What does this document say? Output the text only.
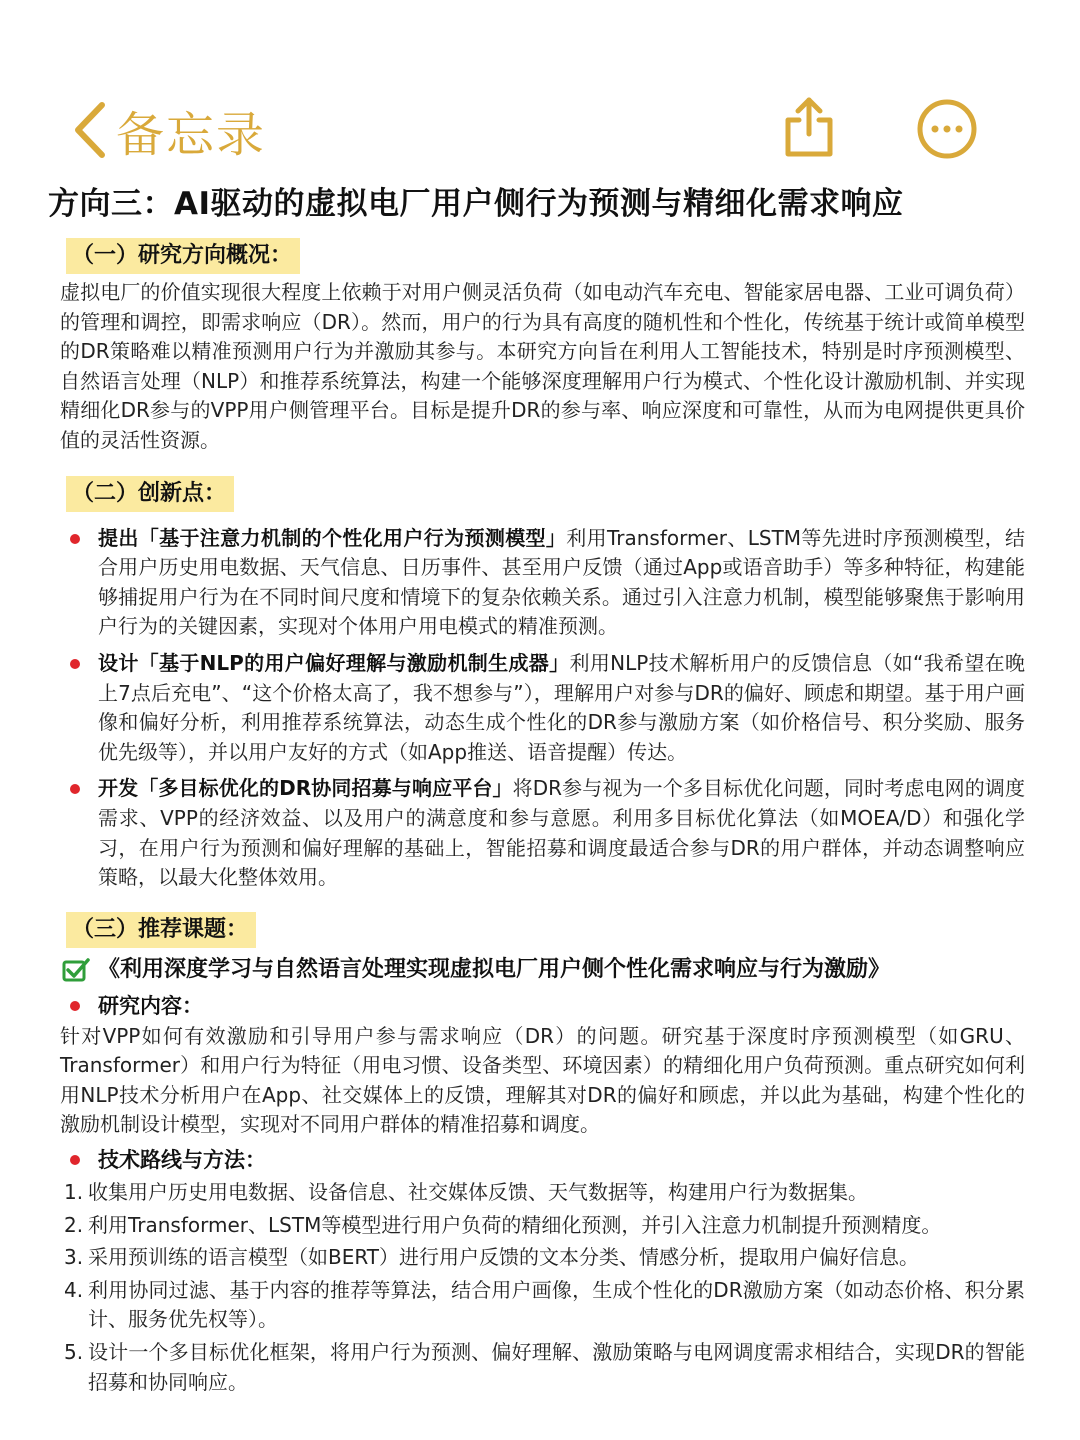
备忘录
方向三：AI驱动的虚拟电厂用户侧行为预测与精细化需求响应
（一）研究方向概况：

虚拟电厂的价值实现很大程度上依赖于对用户侧灵活负荷（如电动汽车充电、智能家居电器、工业可调负荷）的管理和调控，即需求响应（DR）。然而，用户的行为具有高度的随机性和个性化，传统基于统计或简单模型的DR策略难以精准预测用户行为并激励其参与。本研究方向旨在利用人工智能技术，特别是时序预测模型、自然语言处理（NLP）和推荐系统算法，构建一个能够深度理解用户行为模式、个性化设计激励机制、并实现精细化DR参与的VPP用户侧管理平台。目标是提升DR的参与率、响应深度和可靠性，从而为电网提供更具价值的灵活性资源。

（二）创新点：
提出「基于注意力机制的个性化用户行为预测模型」利用Transformer、LSTM等先进时序预测模型，结合用户历史用电数据、天气信息、日历事件、甚至用户反馈（通过App或语音助手）等多种特征，构建能够捕捉用户行为在不同时间尺度和情境下的复杂依赖关系。通过引入注意力机制，模型能够聚焦于影响用户行为的关键因素，实现对个体用户用电模式的精准预测。
设计「基于NLP的用户偏好理解与激励机制生成器」利用NLP技术解析用户的反馈信息（如“我希望在晚上7点后充电”、“这个价格太高了，我不想参与”），理解用户对参与DR的偏好、顾虑和期望。基于用户画像和偏好分析，利用推荐系统算法，动态生成个性化的DR参与激励方案（如价格信号、积分奖励、服务优先级等），并以用户友好的方式（如App推送、语音提醒）传达。
开发「多目标优化的DR协同招募与响应平台」将DR参与视为一个多目标优化问题，同时考虑电网的调度需求、VPP的经济效益、以及用户的满意度和参与意愿。利用多目标优化算法（如MOEA/D）和强化学习，在用户行为预测和偏好理解的基础上，智能招募和调度最适合参与DR的用户群体，并动态调整响应策略，以最大化整体效用。
（三）推荐课题：
《利用深度学习与自然语言处理实现虚拟电厂用户侧个性化需求响应与行为激励》
研究内容：

针对VPP如何有效激励和引导用户参与需求响应（DR）的问题。研究基于深度时序预测模型（如GRU、Transformer）和用户行为特征（用电习惯、设备类型、环境因素）的精细化用户负荷预测。重点研究如何利用NLP技术分析用户在App、社交媒体上的反馈，理解其对DR的偏好和顾虑，并以此为基础，构建个性化的激励机制设计模型，实现对不同用户群体的精准招募和调度。

技术路线与方法：
1. 收集用户历史用电数据、设备信息、社交媒体反馈、天气数据等，构建用户行为数据集。
2. 利用Transformer、LSTM等模型进行用户负荷的精细化预测，并引入注意力机制提升预测精度。
3. 采用预训练的语言模型（如BERT）进行用户反馈的文本分类、情感分析，提取用户偏好信息。
4. 利用协同过滤、基于内容的推荐等算法，结合用户画像，生成个性化的DR激励方案（如动态价格、积分累计、服务优先权等）。
5. 设计一个多目标优化框架，将用户行为预测、偏好理解、激励策略与电网调度需求相结合，实现DR的智能招募和协同响应。
